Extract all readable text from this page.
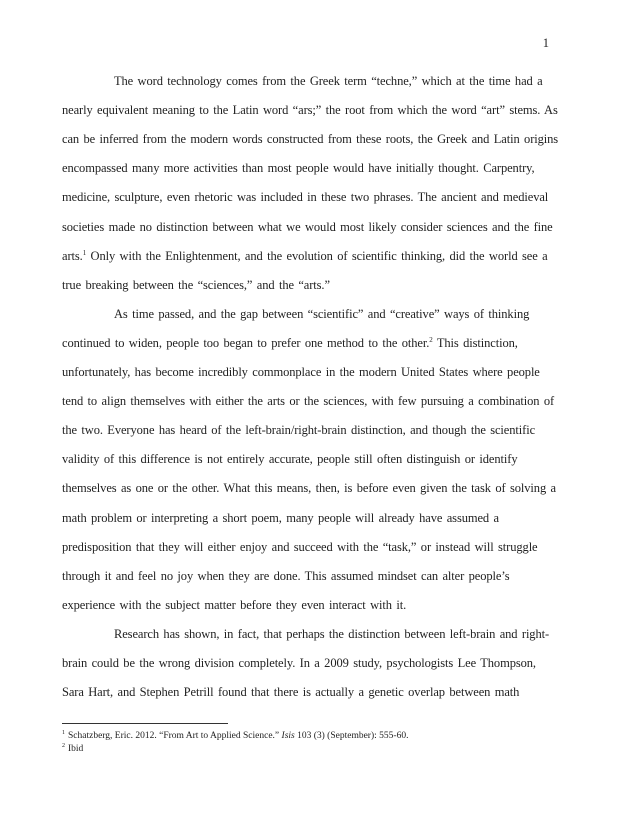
1
The word technology comes from the Greek term “techne,” which at the time had a
nearly equivalent meaning to the Latin word “ars;” the root from which the word “art” stems. As
can be inferred from the modern words constructed from these roots, the Greek and Latin origins
encompassed many more activities than most people would have initially thought. Carpentry,
medicine, sculpture, even rhetoric was included in these two phrases. The ancient and medieval
societies made no distinction between what we would most likely consider sciences and the fine
arts.$^1$ Only with the Enlightenment, and the evolution of scientific thinking, did the world see a
true breaking between the “sciences,” and the “arts.”
As time passed, and the gap between “scientific” and “creative” ways of thinking
continued to widen, people too began to prefer one method to the other.$^2$ This distinction,
unfortunately, has become incredibly commonplace in the modern United States where people
tend to align themselves with either the arts or the sciences, with few pursuing a combination of
the two. Everyone has heard of the left-brain/right-brain distinction, and though the scientific
validity of this difference is not entirely accurate, people still often distinguish or identify
themselves as one or the other. What this means, then, is before even given the task of solving a
math problem or interpreting a short poem, many people will already have assumed a
predisposition that they will either enjoy and succeed with the “task,” or instead will struggle
through it and feel no joy when they are done. This assumed mindset can alter people’s
experience with the subject matter before they even interact with it.
Research has shown, in fact, that perhaps the distinction between left-brain and right-
brain could be the wrong division completely. In a 2009 study, psychologists Lee Thompson,
Sara Hart, and Stephen Petrill found that there is actually a genetic overlap between math
$^1$ Schatzberg, Eric. 2012. “From Art to Applied Science.” Isis 103 (3) (September): 555-60.
$^2$ Ibid
